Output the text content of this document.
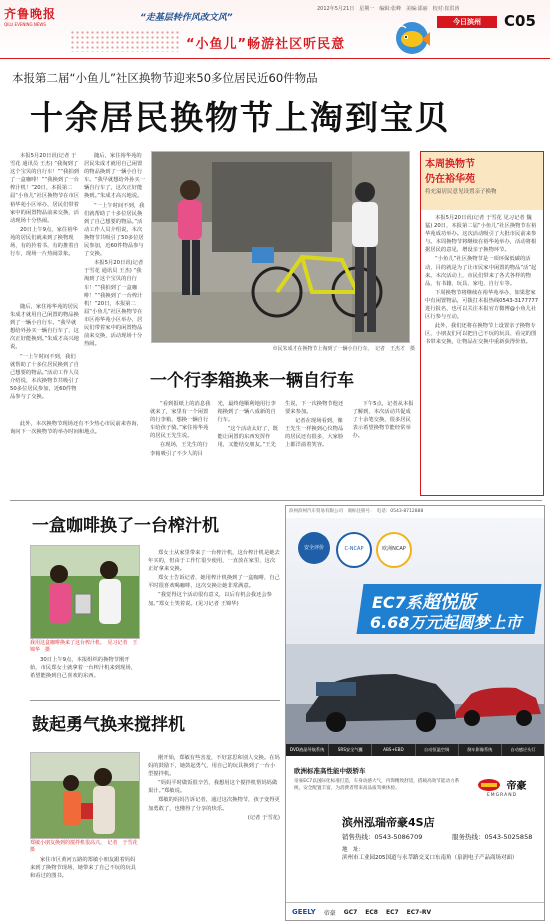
齐鲁晚报
QILU EVENING NEWS
“走基层转作风改文风”
2012年5月21日　星期一　编辑:张峰　美编:邵丽　校对:崔洪涛
今日滨州	C05
“小鱼儿”畅游社区听民意
本报第二届“小鱼儿”社区换物节迎来50多位居民近60件物品
十余居民换物节上淘到宝贝

本报5月20日讯(记者 于雪花 通讯员 王杰) “我淘到了这个宝贝的自行车！”“我拍到了一盒咖啡！”“我换到了一台榨汁机！”20日，本报第二届“小鱼儿”社区换物节在市区裕华苑小区举办，居民们带着家中的闲置物品前来交换，活动现场十分热闹。

20日上午9点，家住裕华苑的居民们就来到了换物现场，有的拎着书，有的推着自行车，现场一片热闹景象。

随后，家住裕华苑的居民朱成才就用自己闲置的物品换到了一辆小自行车。“我早就想给外孙买一辆自行车了，这次正好能换到。”朱成才高兴地说。

“一上午时间不到，我们就帮助了十多位居民换到了自己想要的物品。”活动工作人员介绍说，本次换物节共吸引了50多位居民参加，近60件物品参与了交换。

此外，本次换物节现场还有不少热心市民前来咨询，询问下一次换物节的举办时间和地点。

随后，家住裕华苑的居民朱成才就用自己闲置的物品换到了一辆小自行车。“我早就想给外孙买一辆自行车了，这次正好能换到。”朱成才高兴地说。

“一上午时间不到，我们就帮助了十多位居民换到了自己想要的物品。”活动工作人员介绍说，本次换物节共吸引了50多位居民参加，近60件物品参与了交换。

本报5月20日讯(记者 于雪花 通讯员 王杰) “我淘到了这个宝贝的自行车！”“我拍到了一盒咖啡！”“我换到了一台榨汁机！”20日，本报第二届“小鱼儿”社区换物节在市区裕华苑小区举办，居民们带着家中的闲置物品前来交换，活动现场十分热闹。

市民朱成才在换物节上淘到了一辆小自行车。　记者　王杰才　摄
本周换物节
仍在裕华苑
将充溢居民意见设置亲子换物

本报5月20日讯(记者 于雪花 见习记者 魏猛) 20日，本报第二届“小鱼儿”社区换物节在裕华苑成功举办。这次活动吸引了大批市民前来参与。本周换物节将继续在裕华苑举办，活动将根据居民的意见，增设亲子换物环节。

“小鱼儿”社区换物节是一项环保低碳的活动，目的就是为了让市民家中闲置的物品“活”起来。本次活动上，市民们带来了各式各样的物品，有书籍、玩具、家电、自行车等。

下周换物节将继续在裕华苑举办，如果您家中有闲置物品，可拨打本报热线0543-3177777进行报名，也可以关注本报官方微博@小鱼儿社区行参与互动。

此外，我们还将在换物节上设置亲子换物专区，小朋友们可以把自己不玩的玩具、看完的图书带来交换，让物品在交换中重新获得价值。

一个行李箱换来一辆自行车

“看到报纸上的消息我就来了，家里有一个闲置的行李箱，想换一辆自行车给孩子骑。”家住裕华苑的居民王先生说。

在现场，王先生的行李箱吸引了不少人的目光，最终他顺利地用行李箱换到了一辆八成新的自行车。

“这个活动太好了，既能让闲置的东西发挥作用，又能结交朋友。”王先生说，下一次换物节他还要来参加。

记者在现场看到，像王先生一样换到心仪物品的居民还有很多，大家脸上都洋溢着笑容。

下午5点，记者从本报了解到，本次活动共促成了十余笔交换，很多居民表示希望换物节能经常举办。

一盒咖啡换了一台榨汁机
我用这盒咖啡换来了这台榨汁机。　见习记者　王锦华　摄

30日上午9点，本报组织的换物节刚开始，市民郑女士就拿着一台榨汁机来到现场，希望能换到自己喜欢的东西。

郑女士从家里带来了一台榨汁机，这台榨汁机是她去年买的，但由于工作忙很少使用，一直放在家里，这次正好拿来交换。

郑女士告诉记者，她用榨汁机换到了一盒咖啡，自己平时很喜欢喝咖啡，这次交换让她非常满意。

“我觉得这个活动很有意义，以后有机会我还会参加。”郑女士笑着说。(见习记者 王锦华)

鼓起勇气换来搅拌机
郑敏小朋友换到的搅拌机很高兴。　记者　于雪花　摄

家住市区黄河五路的郑敏小朋友跟着妈妈来到了换物节现场，她带来了自己不玩的玩具和看过的图书。

刚开始，郑敏有些害羞，不好意思和别人交换。在妈妈的鼓励下，她鼓起勇气，用自己的玩具换到了一台小型搅拌机。

“妈妈平时做饭很辛苦，我想用这个搅拌机帮妈妈做果汁。”郑敏说。

郑敏的妈妈告诉记者，通过这次换物节，孩子变得更加勇敢了，也懂得了分享的快乐。

(记者 于雪花)

滨州滨州汽车贸易有限公司　商标注册号：　电话：0543-8712888
安全评价	C-NCAP	欧洲NCAP
EC7系超悦版
6.68万元起圆梦上市
DVD液晶导航系统	SRS安全气囊	ABS+EBD	自动恒温空调	倒车影像系统	自动感应头灯
欧洲标准高性能中级轿车
帝豪EC7以国际化标准打造，车身动感大气，内饰精致舒适，搭载高效节能动力系统，安全配置丰富，为消费者带来高品质驾乘体验。	帝豪
EMGRAND
滨州泓瑞帝豪4S店
销售热线：0543-5086709	服务热线：0543-5025858
地　址：滨州市工业园205国道与永莘路交叉口东南角（泉润电子产品商场对面）
GEELY 帝豪 GC7 EC8 EC7 EC7-RV
